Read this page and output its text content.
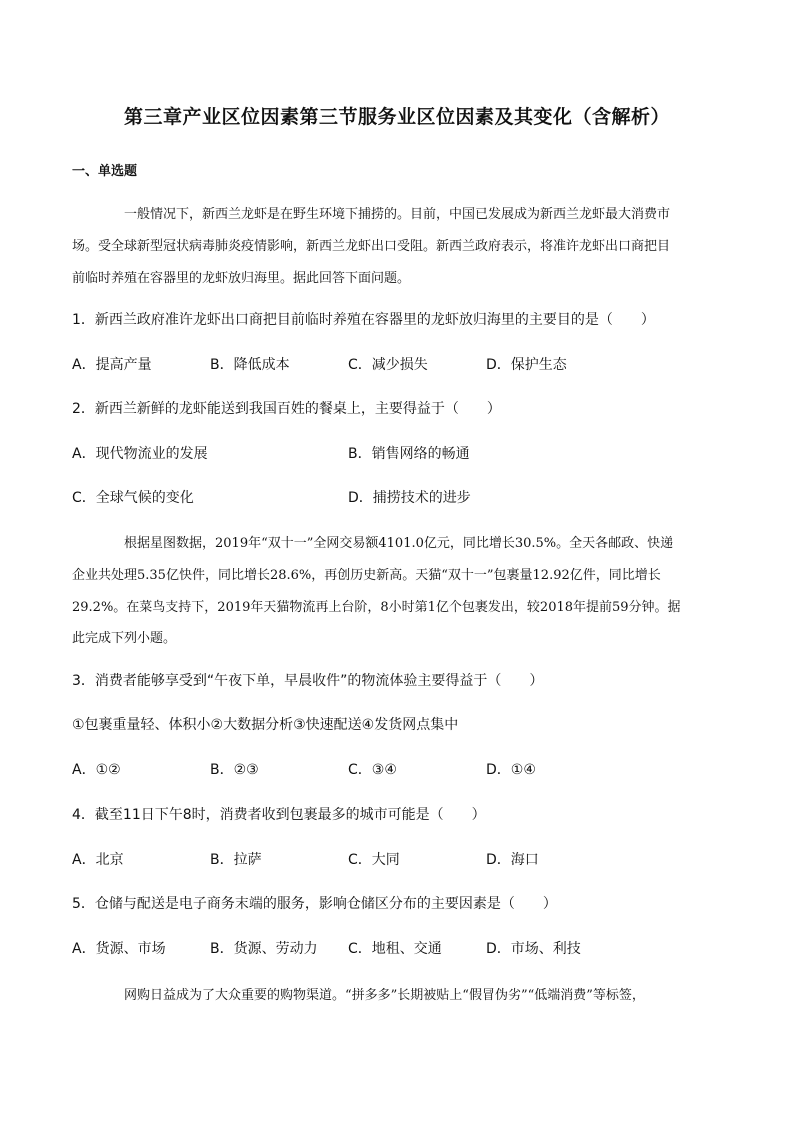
第三章产业区位因素第三节服务业区位因素及其变化（含解析）
一、单选题
一般情况下，新西兰龙虾是在野生环境下捕捞的。目前，中国已发展成为新西兰龙虾最大消费市
场。受全球新型冠状病毒肺炎疫情影响，新西兰龙虾出口受阻。新西兰政府表示，将准许龙虾出口商把目
前临时养殖在容器里的龙虾放归海里。据此回答下面问题。
1．新西兰政府准许龙虾出口商把目前临时养殖在容器里的龙虾放归海里的主要目的是（　　）
A．提高产量	B．降低成本	C．减少损失	D．保护生态
2．新西兰新鲜的龙虾能送到我国百姓的餐桌上，主要得益于（　　）
A．现代物流业的发展	B．销售网络的畅通
C．全球气候的变化	D．捕捞技术的进步
根据星图数据，2019年“双十一”全网交易额4101.0亿元，同比增长30.5%。全天各邮政、快递
企业共处理5.35亿快件，同比增长28.6%，再创历史新高。天猫“双十一”包裹量12.92亿件，同比增长
29.2%。在菜鸟支持下，2019年天猫物流再上台阶，8小时第1亿个包裹发出，较2018年提前59分钟。据
此完成下列小题。
3．消费者能够享受到“午夜下单，早晨收件”的物流体验主要得益于（　　）
①包裹重量轻、体积小②大数据分析③快速配送④发货网点集中
A．①②	B．②③	C．③④	D．①④
4．截至11日下午8时，消费者收到包裹最多的城市可能是（　　）
A．北京	B．拉萨	C．大同	D．海口
5．仓储与配送是电子商务末端的服务，影响仓储区分布的主要因素是（　　）
A．货源、市场	B．货源、劳动力 C．地租、交通	D．市场、利技
网购日益成为了大众重要的购物渠道。“拼多多”长期被贴上“假冒伪劣”“低端消费”等标签，
